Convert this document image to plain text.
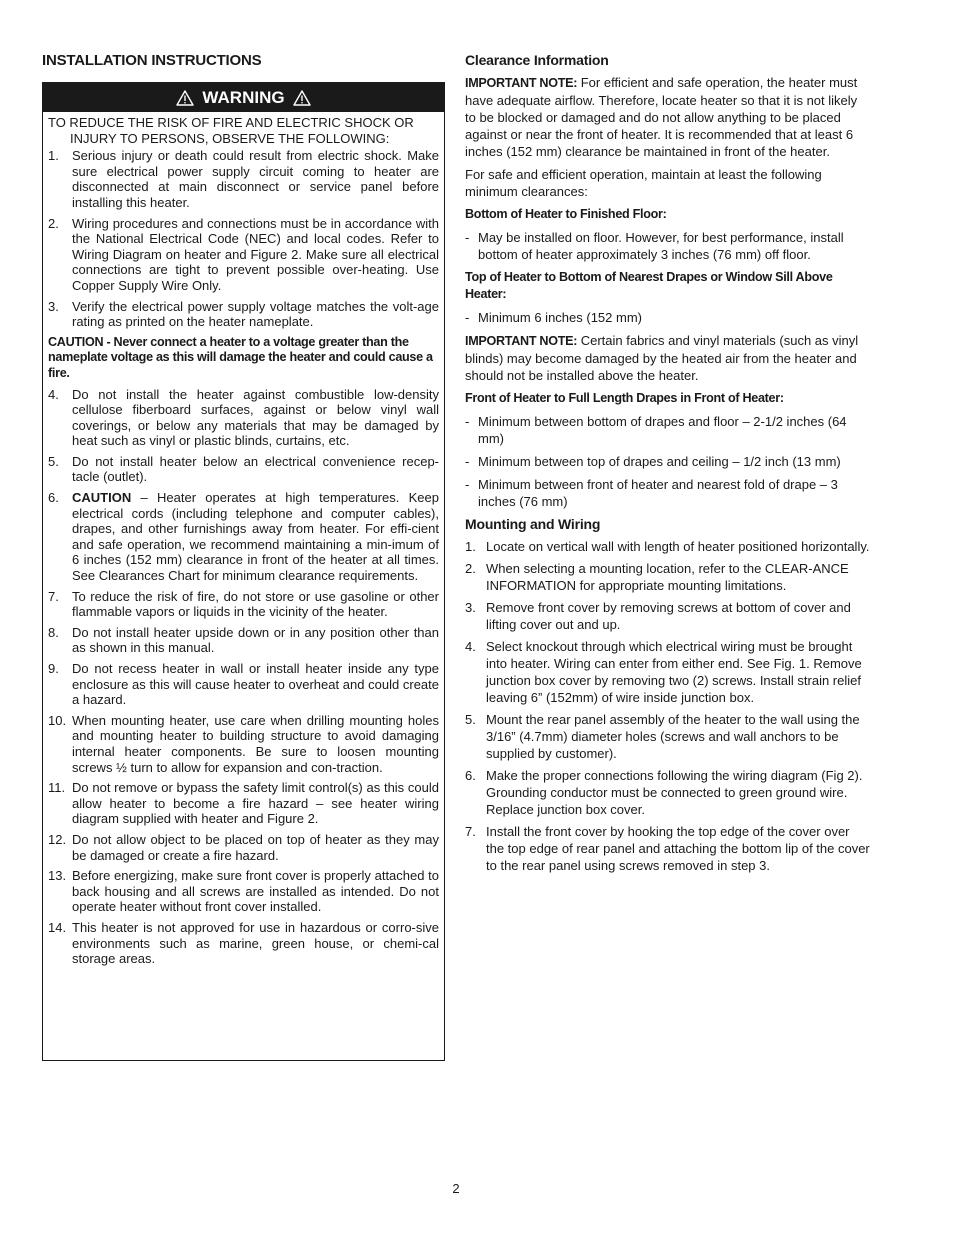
INSTALLATION INSTRUCTIONS
WARNING

TO REDUCE THE RISK OF FIRE AND ELECTRIC SHOCK OR INJURY TO PERSONS, OBSERVE THE FOLLOWING:

1. Serious injury or death could result from electric shock. Make sure electrical power supply circuit coming to heater are disconnected at main disconnect or service panel before installing this heater.
2. Wiring procedures and connections must be in accordance with the National Electrical Code (NEC) and local codes. Refer to Wiring Diagram on heater and Figure 2. Make sure all electrical connections are tight to prevent possible over-heating. Use Copper Supply Wire Only.
3. Verify the electrical power supply voltage matches the volt-age rating as printed on the heater nameplate.

CAUTION - Never connect a heater to a voltage greater than the nameplate voltage as this will damage the heater and could cause a fire.

4. Do not install the heater against combustible low-density cellulose fiberboard surfaces, against or below vinyl wall coverings, or below any materials that may be damaged by heat such as vinyl or plastic blinds, curtains, etc.
5. Do not install heater below an electrical convenience recep-tacle (outlet).
6. CAUTION – Heater operates at high temperatures. Keep electrical cords (including telephone and computer cables), drapes, and other furnishings away from heater. For effi-cient and safe operation, we recommend maintaining a min-imum of 6 inches (152 mm) clearance in front of the heater at all times. See Clearances Chart for minimum clearance requirements.
7. To reduce the risk of fire, do not store or use gasoline or other flammable vapors or liquids in the vicinity of the heater.
8. Do not install heater upside down or in any position other than as shown in this manual.
9. Do not recess heater in wall or install heater inside any type enclosure as this will cause heater to overheat and could create a hazard.
10. When mounting heater, use care when drilling mounting holes and mounting heater to building structure to avoid damaging internal heater components. Be sure to loosen mounting screws ½ turn to allow for expansion and con-traction.
11. Do not remove or bypass the safety limit control(s) as this could allow heater to become a fire hazard – see heater wiring diagram supplied with heater and Figure 2.
12. Do not allow object to be placed on top of heater as they may be damaged or create a fire hazard.
13. Before energizing, make sure front cover is properly attached to back housing and all screws are installed as intended. Do not operate heater without front cover installed.
14. This heater is not approved for use in hazardous or corro-sive environments such as marine, green house, or chemi-cal storage areas.
Clearance Information

IMPORTANT NOTE: For efficient and safe operation, the heater must have adequate airflow. Therefore, locate heater so that it is not likely to be blocked or damaged and do not allow anything to be placed against or near the front of heater. It is recommended that at least 6 inches (152 mm) clearance be maintained in front of the heater.

For safe and efficient operation, maintain at least the following minimum clearances:

Bottom of Heater to Finished Floor:

- May be installed on floor. However, for best performance, install bottom of heater approximately 3 inches (76 mm) off floor.

Top of Heater to Bottom of Nearest Drapes or Window Sill Above Heater:

- Minimum 6 inches (152 mm)

IMPORTANT NOTE: Certain fabrics and vinyl materials (such as vinyl blinds) may become damaged by the heated air from the heater and should not be installed above the heater.

Front of Heater to Full Length Drapes in Front of Heater:

- Minimum between bottom of drapes and floor – 2-1/2 inches (64 mm)
- Minimum between top of drapes and ceiling – 1/2 inch (13 mm)
- Minimum between front of heater and nearest fold of drape – 3 inches (76 mm)
Mounting and Wiring
1. Locate on vertical wall with length of heater positioned horizontally.
2. When selecting a mounting location, refer to the CLEAR-ANCE INFORMATION for appropriate mounting limitations.
3. Remove front cover by removing screws at bottom of cover and lifting cover out and up.
4. Select knockout through which electrical wiring must be brought into heater. Wiring can enter from either end. See Fig. 1. Remove junction box cover by removing two (2) screws. Install strain relief leaving 6” (152mm) of wire inside junction box.
5. Mount the rear panel assembly of the heater to the wall using the 3/16” (4.7mm) diameter holes (screws and wall anchors to be supplied by customer).
6. Make the proper connections following the wiring diagram (Fig 2). Grounding conductor must be connected to green ground wire. Replace junction box cover.
7. Install the front cover by hooking the top edge of the cover over the top edge of rear panel and attaching the bottom lip of the cover to the rear panel using screws removed in step 3.
2
